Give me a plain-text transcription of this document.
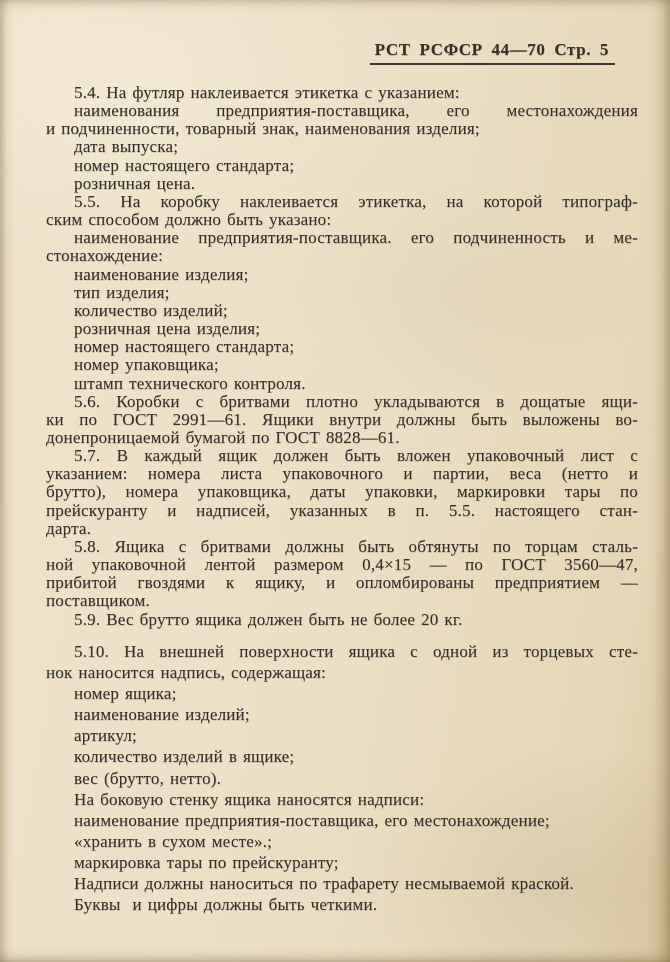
РСТ РСФСР 44—70 Стр. 5
5.4. На футляр наклеивается этикетка с указанием:
наименования предприятия-поставщика, его местонахождения
и подчиненности, товарный знак, наименования изделия;
дата выпуска;
номер настоящего стандарта;
розничная цена.
5.5. На коробку наклеивается этикетка, на которой типограф-
ским способом должно быть указано:
наименование предприятия-поставщика. его подчиненность и ме-
стонахождение:
наименование изделия;
тип изделия;
количество изделий;
розничная цена изделия;
номер настоящего стандарта;
номер упаковщика;
штамп технического контроля.
5.6. Коробки с бритвами плотно укладываются в дощатые ящи-
ки по ГОСТ 2991—61. Ящики внутри должны быть выложены во-
донепроницаемой бумагой по ГОСТ 8828—61.
5.7. В каждый ящик должен быть вложен упаковочный лист с
указанием: номера листа упаковочного и партии, веса (нетто и
брутто), номера упаковщика, даты упаковки, маркировки тары по
прейскуранту и надписей, указанных в п. 5.5. настоящего стан-
дарта.
5.8. Ящика с бритвами должны быть обтянуты по торцам сталь-
ной упаковочной лентой размером 0,4×15 — по ГОСТ 3560—47,
прибитой гвоздями к ящику, и опломбированы предприятием —
поставщиком.
5.9. Вес брутто ящика должен быть не более 20 кг.
5.10. На внешней поверхности ящика с одной из торцевых сте-
нок наносится надпись, содержащая:
номер ящика;
наименование изделий;
артикул;
количество изделий в ящике;
вес (брутто, нетто).
На боковую стенку ящика наносятся надписи:
наименование предприятия-поставщика, его местонахождение;
«хранить в сухом месте».;
маркировка тары по прейскуранту;
Надписи должны наноситься по трафарету несмываемой краской.
Буквы  и цифры должны быть четкими.
